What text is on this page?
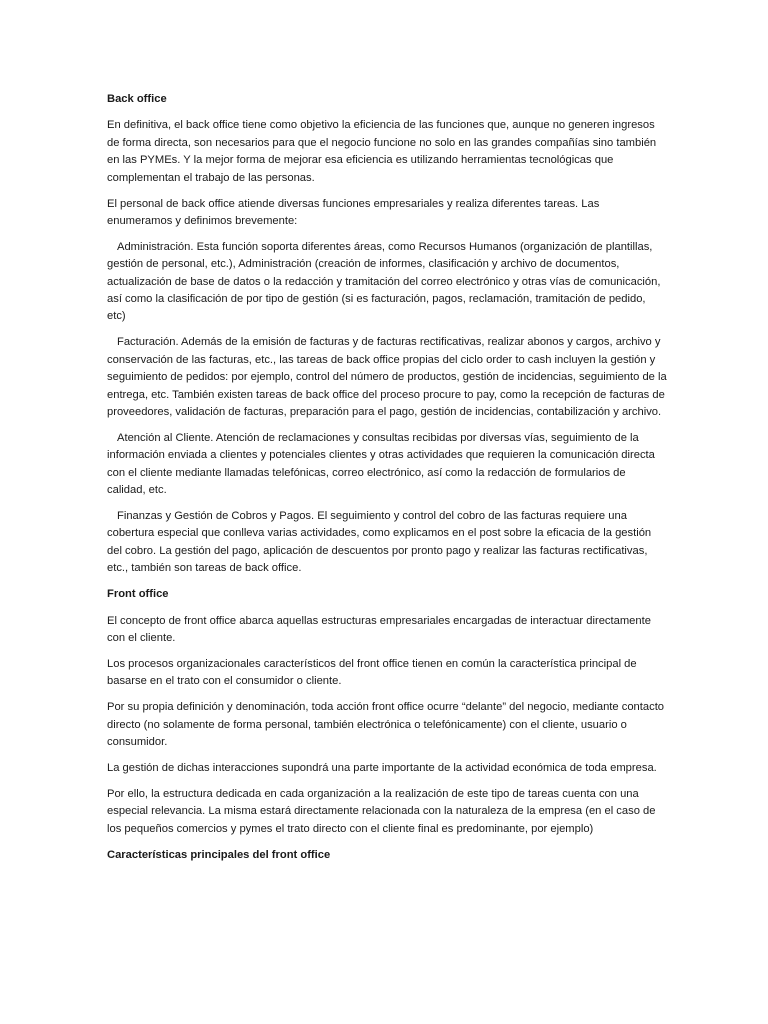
Back office

En definitiva, el back office tiene como objetivo la eficiencia de las funciones que, aunque no generen ingresos de forma directa, son necesarios para que el negocio funcione no solo en las grandes compañías sino también en las PYMEs. Y la mejor forma de mejorar esa eficiencia es utilizando herramientas tecnológicas que complementan el trabajo de las personas.

El personal de back office atiende diversas funciones empresariales y realiza diferentes tareas. Las enumeramos y definimos brevemente:

Administración. Esta función soporta diferentes áreas, como Recursos Humanos (organización de plantillas, gestión de personal, etc.), Administración (creación de informes, clasificación y archivo de documentos, actualización de base de datos o la redacción y tramitación del correo electrónico y otras vías de comunicación, así como la clasificación de por tipo de gestión (si es facturación, pagos, reclamación, tramitación de pedido, etc)

Facturación. Además de la emisión de facturas y de facturas rectificativas, realizar abonos y cargos, archivo y conservación de las facturas, etc., las tareas de back office propias del ciclo order to cash incluyen la gestión y seguimiento de pedidos: por ejemplo, control del número de productos, gestión de incidencias, seguimiento de la entrega, etc. También existen tareas de back office del proceso procure to pay, como la recepción de facturas de proveedores, validación de facturas, preparación para el pago, gestión de incidencias, contabilización y archivo.

Atención al Cliente. Atención de reclamaciones y consultas recibidas por diversas vías, seguimiento de la información enviada a clientes y potenciales clientes y otras actividades que requieren la comunicación directa con el cliente mediante llamadas telefónicas, correo electrónico, así como la redacción de formularios de calidad, etc.

Finanzas y Gestión de Cobros y Pagos. El seguimiento y control del cobro de las facturas requiere una cobertura especial que conlleva varias actividades, como explicamos en el post sobre la eficacia de la gestión del cobro. La gestión del pago, aplicación de descuentos por pronto pago y realizar las facturas rectificativas, etc., también son tareas de back office.

Front office

El concepto de front office abarca aquellas estructuras empresariales encargadas de interactuar directamente con el cliente.

Los procesos organizacionales característicos del front office tienen en común la característica principal de basarse en el trato con el consumidor o cliente.

Por su propia definición y denominación, toda acción front office ocurre “delante” del negocio, mediante contacto directo (no solamente de forma personal, también electrónica o telefónicamente) con el cliente, usuario o consumidor.

La gestión de dichas interacciones supondrá una parte importante de la actividad económica de toda empresa.

Por ello, la estructura dedicada en cada organización a la realización de este tipo de tareas cuenta con una especial relevancia. La misma estará directamente relacionada con la naturaleza de la empresa (en el caso de los pequeños comercios y pymes el trato directo con el cliente final es predominante, por ejemplo)

Características principales del front office
